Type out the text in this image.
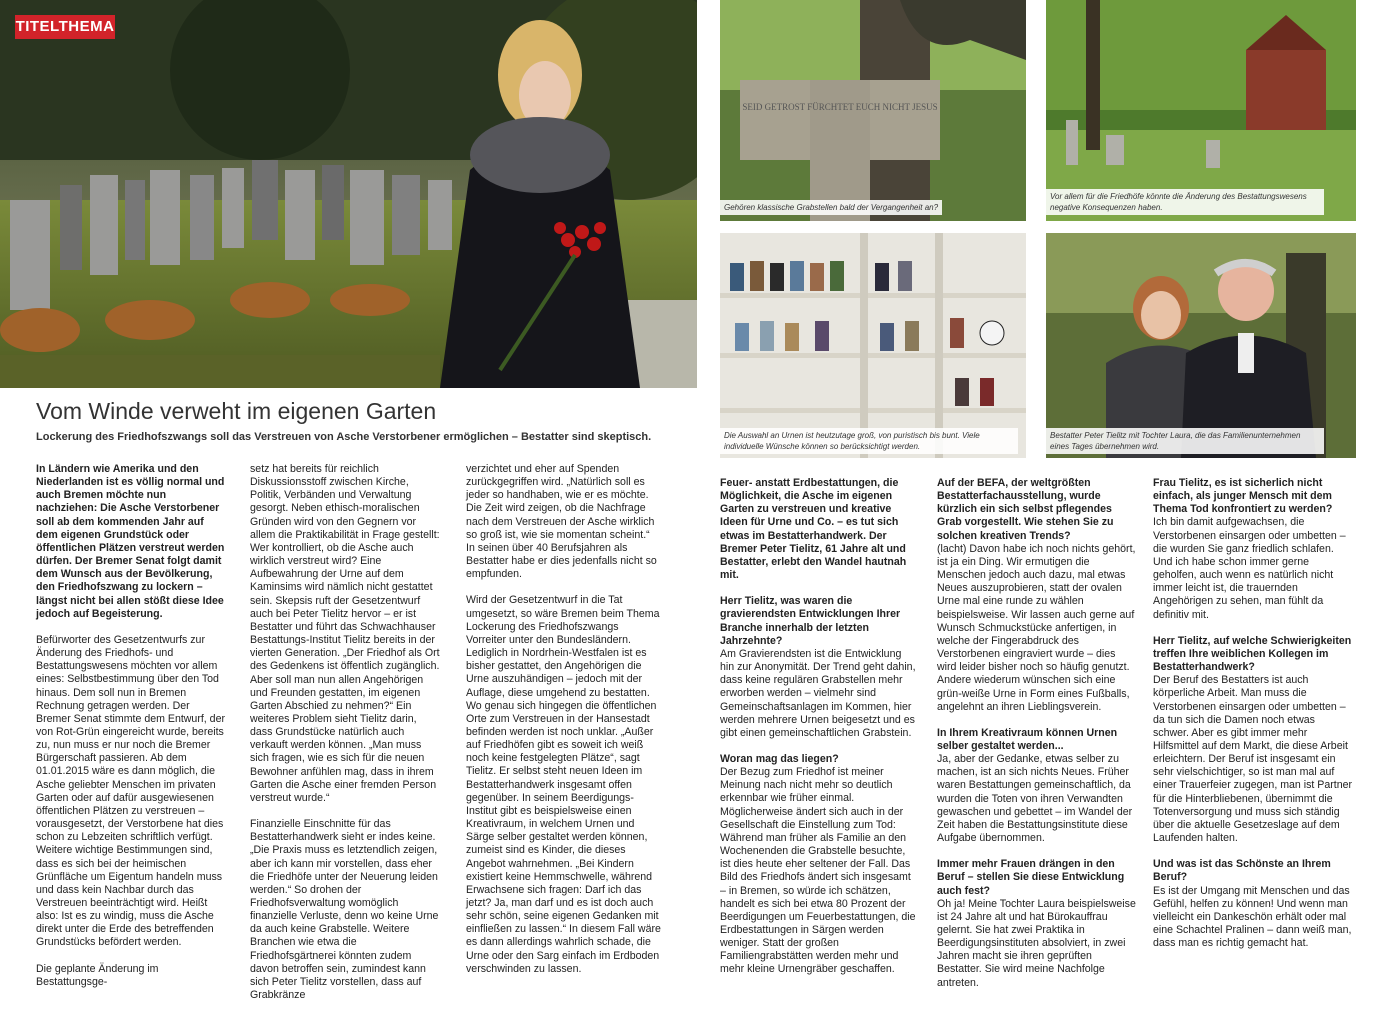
TITELTHEMA
SEID GETROST FÜRCHTET EUCH NICHT JESUS
Gehören klassische Grabstellen bald der Vergangenheit an?
Vor allem für die Friedhöfe könnte die Änderung des Bestattungswesens negative Konsequenzen haben.
Die Auswahl an Urnen ist heutzutage groß, von puristisch bis bunt. Viele individuelle Wünsche können so berücksichtigt werden.
Bestatter Peter Tielitz mit Tochter Laura, die das Familienunternehmen eines Tages übernehmen wird.
Vom Winde verweht im eigenen Garten

Lockerung des Friedhofszwangs soll das Verstreuen von Asche Verstorbener ermöglichen – Bestatter sind skeptisch.

In Ländern wie Amerika und den Niederlanden ist es völlig normal und auch Bremen möchte nun nachziehen: Die Asche Verstorbener soll ab dem kommenden Jahr auf dem eigenen Grundstück oder öffentlichen Plätzen verstreut werden dürfen. Der Bremer Senat folgt damit dem Wunsch aus der Bevölkerung, den Friedhofszwang zu lockern – längst nicht bei allen stößt diese Idee jedoch auf Begeisterung.

Befürworter des Gesetzentwurfs zur Änderung des Friedhofs- und Bestattungswesens möchten vor allem eines: Selbstbestimmung über den Tod hinaus. Dem soll nun in Bremen Rechnung getragen werden. Der Bremer Senat stimmte dem Entwurf, der von Rot-Grün eingereicht wurde, bereits zu, nun muss er nur noch die Bremer Bürgerschaft passieren. Ab dem 01.01.2015 wäre es dann möglich, die Asche geliebter Menschen im privaten Garten oder auf dafür ausgewiesenen öffentlichen Plätzen zu verstreuen – vorausgesetzt, der Verstorbene hat dies schon zu Lebzeiten schriftlich verfügt. Weitere wichtige Bestimmungen sind, dass es sich bei der heimischen Grünfläche um Eigentum handeln muss und dass kein Nachbar durch das Verstreuen beeinträchtigt wird. Heißt also: Ist es zu windig, muss die Asche direkt unter die Erde des betreffenden Grundstücks befördert werden.

Die geplante Änderung im Bestattungsge-

setz hat bereits für reichlich Diskussionsstoff zwischen Kirche, Politik, Verbänden und Verwaltung gesorgt. Neben ethisch-moralischen Gründen wird von den Gegnern vor allem die Praktikabilität in Frage gestellt: Wer kontrolliert, ob die Asche auch wirklich verstreut wird? Eine Aufbewahrung der Urne auf dem Kaminsims wird nämlich nicht gestattet sein. Skepsis ruft der Gesetzentwurf auch bei Peter Tielitz hervor – er ist Bestatter und führt das Schwachhauser Bestattungs-Institut Tielitz bereits in der vierten Generation. „Der Friedhof als Ort des Gedenkens ist öffentlich zugänglich. Aber soll man nun allen Angehörigen und Freunden gestatten, im eigenen Garten Abschied zu nehmen?“ Ein weiteres Problem sieht Tielitz darin, dass Grundstücke natürlich auch verkauft werden können. „Man muss sich fragen, wie es sich für die neuen Bewohner anfühlen mag, dass in ihrem Garten die Asche einer fremden Person verstreut wurde.“

Finanzielle Einschnitte für das Bestatterhandwerk sieht er indes keine. „Die Praxis muss es letztendlich zeigen, aber ich kann mir vorstellen, dass eher die Friedhöfe unter der Neuerung leiden werden.“ So drohen der Friedhofsverwaltung womöglich finanzielle Verluste, denn wo keine Urne da auch keine Grabstelle. Weitere Branchen wie etwa die Friedhofsgärtnerei könnten zudem davon betroffen sein, zumindest kann sich Peter Tielitz vorstellen, dass auf Grabkränze

verzichtet und eher auf Spenden zurückgegriffen wird. „Natürlich soll es jeder so handhaben, wie er es möchte. Die Zeit wird zeigen, ob die Nachfrage nach dem Verstreuen der Asche wirklich so groß ist, wie sie momentan scheint.“ In seinen über 40 Berufsjahren als Bestatter habe er dies jedenfalls nicht so empfunden.

Wird der Gesetzentwurf in die Tat umgesetzt, so wäre Bremen beim Thema Lockerung des Friedhofszwangs Vorreiter unter den Bundesländern. Lediglich in Nordrhein-Westfalen ist es bisher gestattet, den Angehörigen die Urne auszuhändigen – jedoch mit der Auflage, diese umgehend zu bestatten. Wo genau sich hingegen die öffentlichen Orte zum Verstreuen in der Hansestadt befinden werden ist noch unklar. „Außer auf Friedhöfen gibt es soweit ich weiß noch keine festgelegten Plätze“, sagt Tielitz. Er selbst steht neuen Ideen im Bestatterhandwerk insgesamt offen gegenüber. In seinem Beerdigungs-Institut gibt es beispielsweise einen Kreativraum, in welchem Urnen und Särge selber gestaltet werden können, zumeist sind es Kinder, die dieses Angebot wahrnehmen. „Bei Kindern existiert keine Hemmschwelle, während Erwachsene sich fragen: Darf ich das jetzt? Ja, man darf und es ist doch auch sehr schön, seine eigenen Gedanken mit einfließen zu lassen.“ In diesem Fall wäre es dann allerdings wahrlich schade, die Urne oder den Sarg einfach im Erdboden verschwinden zu lassen.

Feuer- anstatt Erdbestattungen, die Möglichkeit, die Asche im eigenen Garten zu verstreuen und kreative Ideen für Urne und Co. – es tut sich etwas im Bestatterhandwerk. Der Bremer Peter Tielitz, 61 Jahre alt und Bestatter, erlebt den Wandel hautnah mit.

Herr Tielitz, was waren die gravierendsten Entwicklungen Ihrer Branche innerhalb der letzten Jahrzehnte?

Am Gravierendsten ist die Entwicklung hin zur Anonymität. Der Trend geht dahin, dass keine regulären Grabstellen mehr erworben werden – vielmehr sind Gemeinschaftsanlagen im Kommen, hier werden mehrere Urnen beigesetzt und es gibt einen gemeinschaftlichen Grabstein.

Woran mag das liegen?

Der Bezug zum Friedhof ist meiner Meinung nach nicht mehr so deutlich erkennbar wie früher einmal. Möglicherweise ändert sich auch in der Gesellschaft die Einstellung zum Tod: Während man früher als Familie an den Wochenenden die Grabstelle besuchte, ist dies heute eher seltener der Fall. Das Bild des Friedhofs ändert sich insgesamt – in Bremen, so würde ich schätzen, handelt es sich bei etwa 80 Prozent der Beerdigungen um Feuerbestattungen, die Erdbestattungen in Särgen werden weniger. Statt der großen Familiengrabstätten werden mehr und mehr kleine Urnengräber geschaffen.

Auf der BEFA, der weltgrößten Bestatterfachausstellung, wurde kürzlich ein sich selbst pflegendes Grab vorgestellt. Wie stehen Sie zu solchen kreativen Trends?

(lacht) Davon habe ich noch nichts gehört, ist ja ein Ding. Wir ermutigen die Menschen jedoch auch dazu, mal etwas Neues auszuprobieren, statt der ovalen Urne mal eine runde zu wählen beispielsweise. Wir lassen auch gerne auf Wunsch Schmuckstücke anfertigen, in welche der Fingerabdruck des Verstorbenen eingraviert wurde – dies wird leider bisher noch so häufig genutzt. Andere wiederum wünschen sich eine grün-weiße Urne in Form eines Fußballs, angelehnt an ihren Lieblingsverein.

In Ihrem Kreativraum können Urnen selber gestaltet werden...

Ja, aber der Gedanke, etwas selber zu machen, ist an sich nichts Neues. Früher waren Bestattungen gemeinschaftlich, da wurden die Toten von ihren Verwandten gewaschen und gebettet – im Wandel der Zeit haben die Bestattungsinstitute diese Aufgabe übernommen.

Immer mehr Frauen drängen in den Beruf – stellen Sie diese Entwicklung auch fest?

Oh ja! Meine Tochter Laura beispielsweise ist 24 Jahre alt und hat Bürokauffrau gelernt. Sie hat zwei Praktika in Beerdigungsinstituten absolviert, in zwei Jahren macht sie ihren geprüften Bestatter. Sie wird meine Nachfolge antreten.

Frau Tielitz, es ist sicherlich nicht einfach, als junger Mensch mit dem Thema Tod konfrontiert zu werden?

Ich bin damit aufgewachsen, die Verstorbenen einsargen oder umbetten – die wurden Sie ganz friedlich schlafen. Und ich habe schon immer gerne geholfen, auch wenn es natürlich nicht immer leicht ist, die trauernden Angehörigen zu sehen, man fühlt da definitiv mit.

Herr Tielitz, auf welche Schwierigkeiten treffen Ihre weiblichen Kollegen im Bestatterhandwerk?

Der Beruf des Bestatters ist auch körperliche Arbeit. Man muss die Verstorbenen einsargen oder umbetten – da tun sich die Damen noch etwas schwer. Aber es gibt immer mehr Hilfsmittel auf dem Markt, die diese Arbeit erleichtern. Der Beruf ist insgesamt ein sehr vielschichtiger, so ist man mal auf einer Trauerfeier zugegen, man ist Partner für die Hinterbliebenen, übernimmt die Totenversorgung und muss sich ständig über die aktuelle Gesetzeslage auf dem Laufenden halten.

Und was ist das Schönste an Ihrem Beruf?

Es ist der Umgang mit Menschen und das Gefühl, helfen zu können! Und wenn man vielleicht ein Dankeschön erhält oder mal eine Schachtel Pralinen – dann weiß man, dass man es richtig gemacht hat.
